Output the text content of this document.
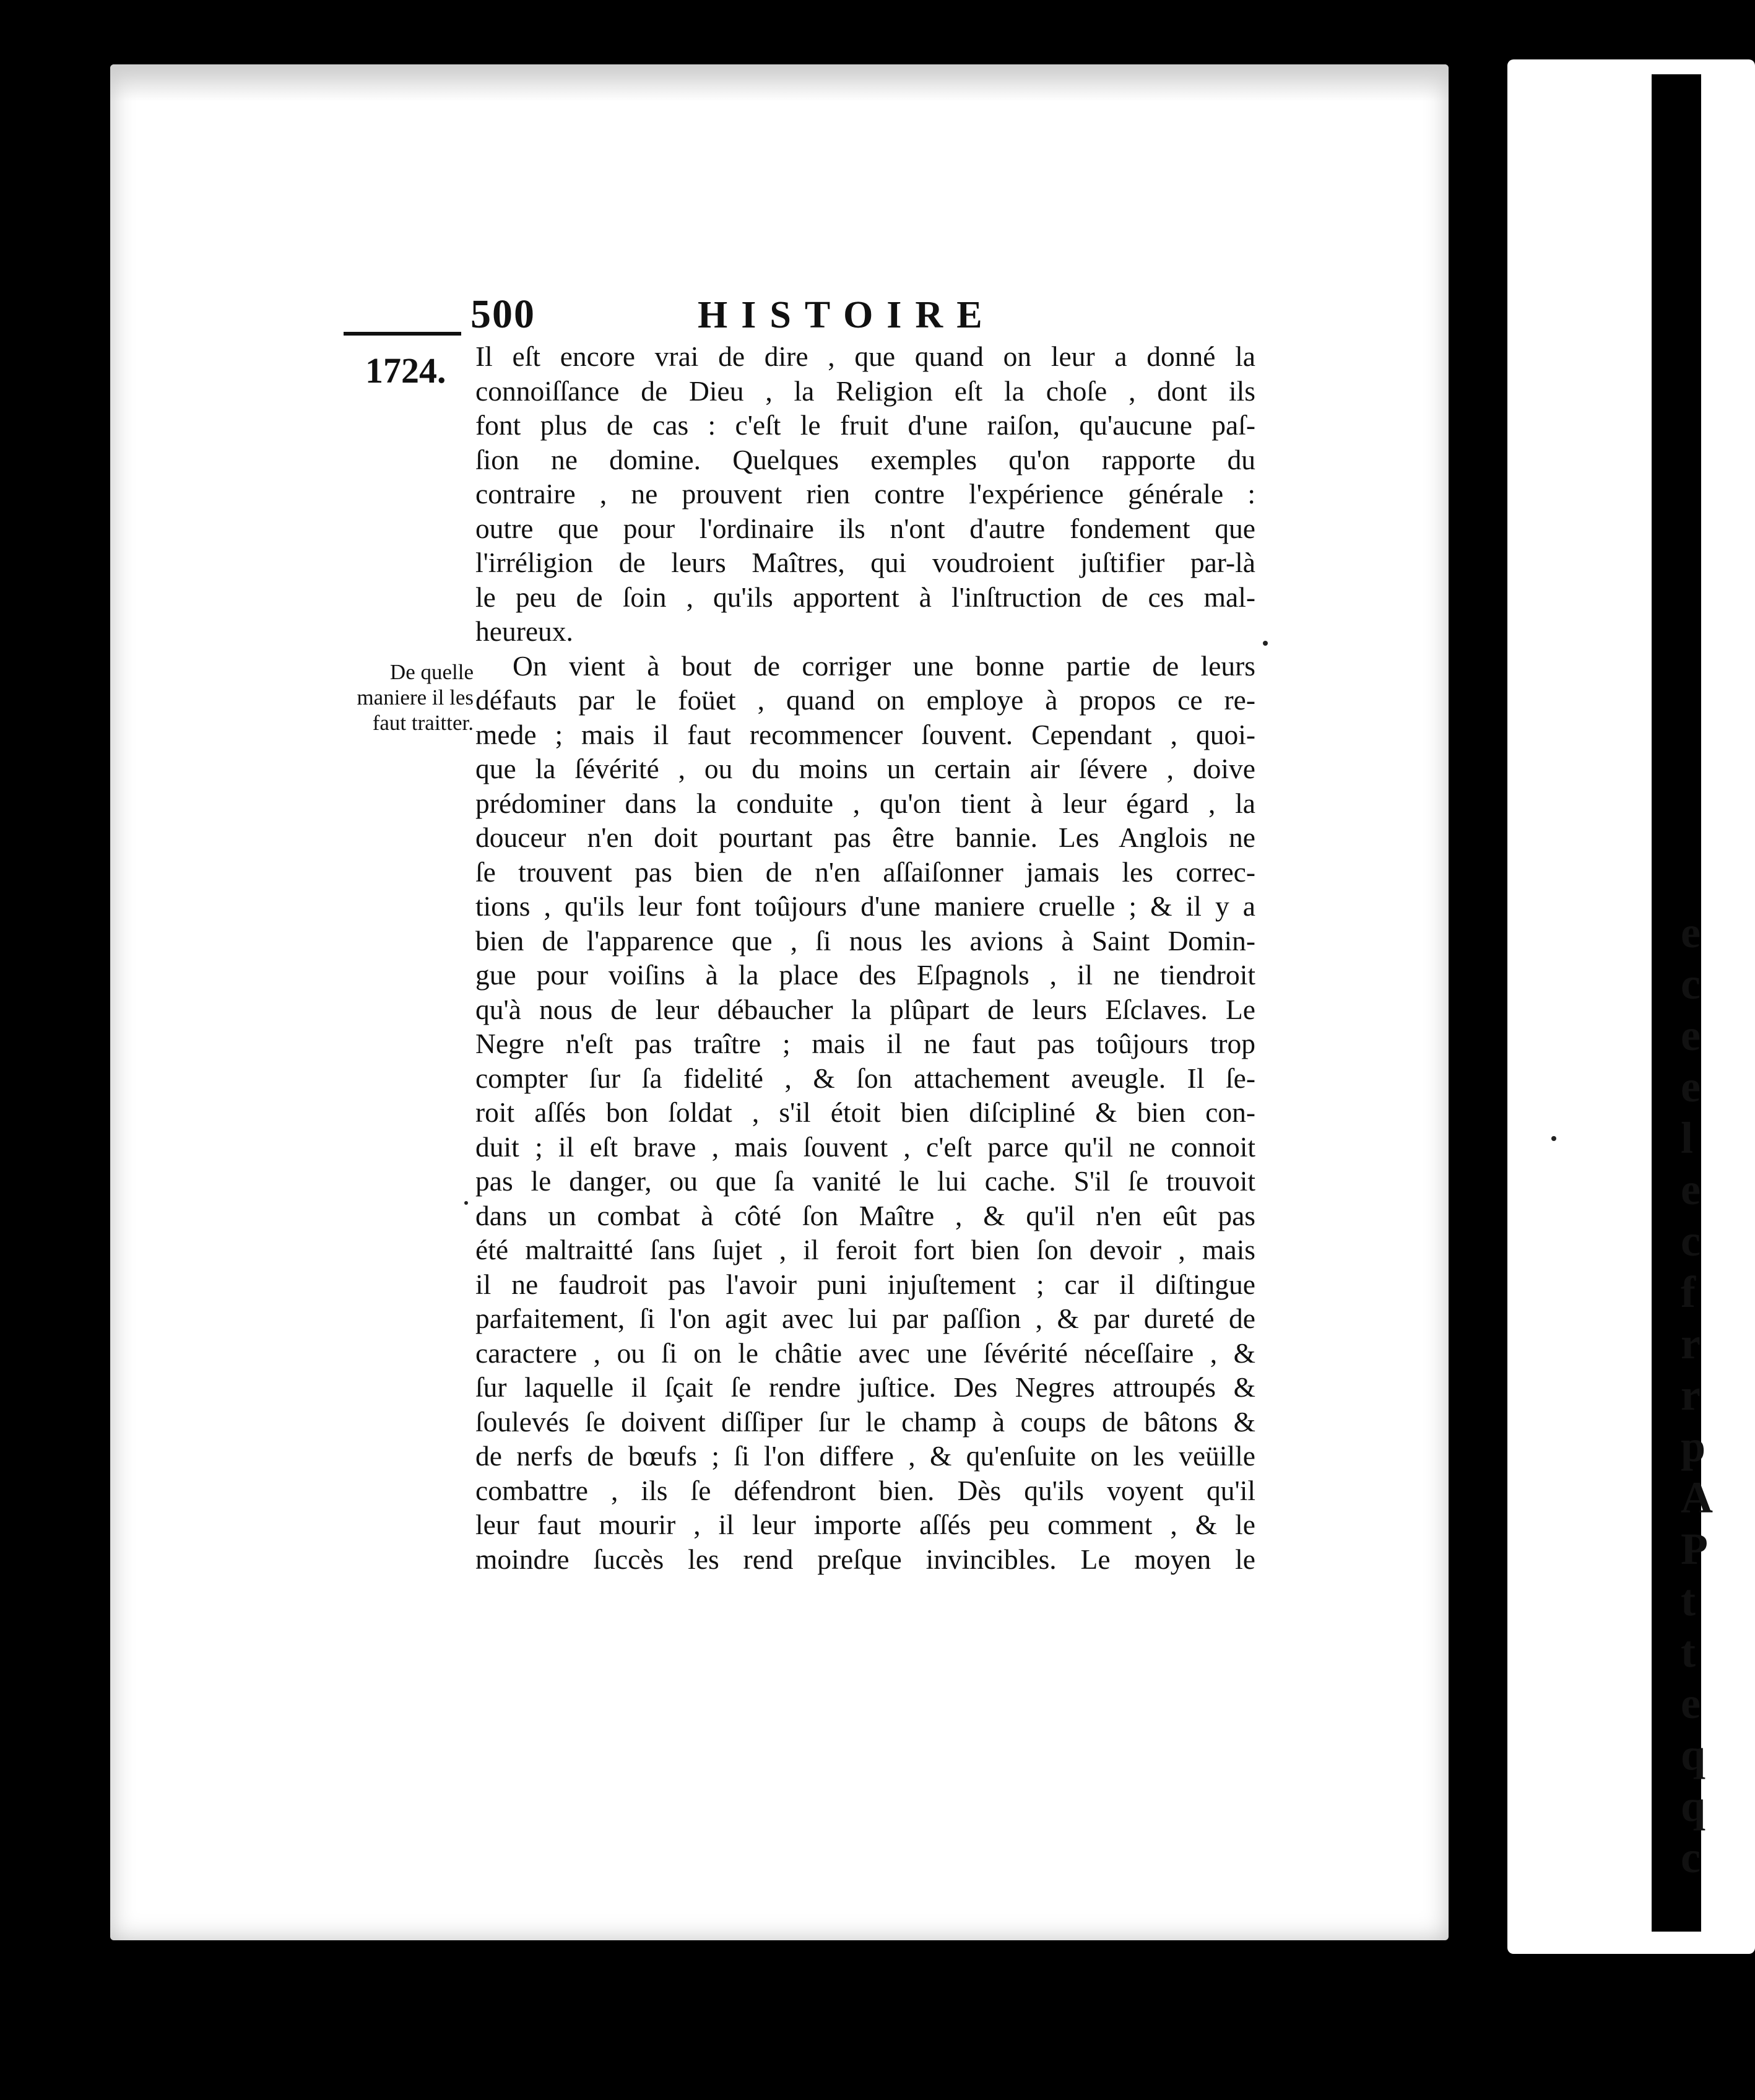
e
c
e
e
l
e
c
f
r
r
p
A
P
t
t
e
q
q
c
500	HISTOIRE
1724.
De quelle
maniere il les
faut traitter.
Il eſt encore vrai de dire , que quand on leur a donné la
connoiſſance de Dieu , la Religion eſt la choſe , dont ils
font plus de cas : c'eſt le fruit d'une raiſon, qu'aucune paſ-
ſion ne domine. Quelques exemples qu'on rapporte du
contraire , ne prouvent rien contre l'expérience générale :
outre que pour l'ordinaire ils n'ont d'autre fondement que
l'irréligion de leurs Maîtres, qui voudroient juſtifier par-là
le peu de ſoin , qu'ils apportent à l'inſtruction de ces mal-
heureux.
On vient à bout de corriger une bonne partie de leurs
défauts par le foüet , quand on employe à propos ce re-
mede ; mais il faut recommencer ſouvent. Cependant , quoi-
que la ſévérité , ou du moins un certain air ſévere , doive
prédominer dans la conduite , qu'on tient à leur égard , la
douceur n'en doit pourtant pas être bannie. Les Anglois ne
ſe trouvent pas bien de n'en aſſaiſonner jamais les correc-
tions , qu'ils leur font toûjours d'une maniere cruelle ; & il y a
bien de l'apparence que , ſi nous les avions à Saint Domin-
gue pour voiſins à la place des Eſpagnols , il ne tiendroit
qu'à nous de leur débaucher la plûpart de leurs Eſclaves. Le
Negre n'eſt pas traître ; mais il ne faut pas toûjours trop
compter ſur ſa fidelité , & ſon attachement aveugle. Il ſe-
roit aſſés bon ſoldat , s'il étoit bien diſcipliné & bien con-
duit ; il eſt brave , mais ſouvent , c'eſt parce qu'il ne connoit
pas le danger, ou que ſa vanité le lui cache. S'il ſe trouvoit
dans un combat à côté ſon Maître , & qu'il n'en eût pas
été maltraitté ſans ſujet , il feroit fort bien ſon devoir , mais
il ne faudroit pas l'avoir puni injuſtement ; car il diſtingue
parfaitement, ſi l'on agit avec lui par paſſion , & par dureté de
caractere , ou ſi on le châtie avec une ſévérité néceſſaire , &
ſur laquelle il ſçait ſe rendre juſtice. Des Negres attroupés &
ſoulevés ſe doivent diſſiper ſur le champ à coups de bâtons &
de nerfs de bœufs ; ſi l'on differe , & qu'enſuite on les veüille
combattre , ils ſe défendront bien. Dès qu'ils voyent qu'il
leur faut mourir , il leur importe aſſés peu comment , & le
moindre ſuccès les rend preſque invincibles. Le moyen le
